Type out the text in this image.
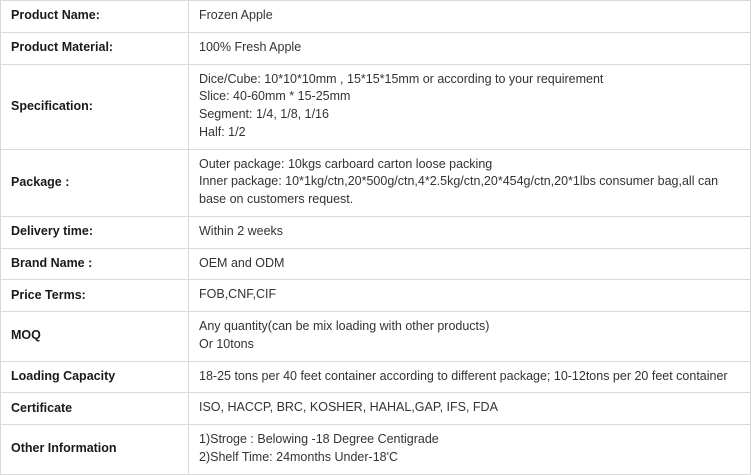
Product Name:	Frozen Apple

Product Material:	100% Fresh Apple

Specification:	Dice/Cube: 10*10*10mm , 15*15*15mm or according to your requirement
Slice: 40-60mm * 15-25mm
Segment: 1/4, 1/8, 1/16
Half: 1/2

Package :	Outer package: 10kgs carboard carton loose packing
Inner package: 10*1kg/ctn,20*500g/ctn,4*2.5kg/ctn,20*454g/ctn,20*1lbs consumer bag,all can base on customers request.

Delivery time:	Within 2 weeks

Brand Name :	OEM and ODM

Price Terms:	FOB,CNF,CIF

MOQ	Any quantity(can be mix loading with other products)
Or 10tons

Loading Capacity	18-25 tons per 40 feet container according to different package; 10-12tons per 20 feet container

Certificate	ISO, HACCP, BRC, KOSHER, HAHAL,GAP, IFS, FDA

Other Information	1)Stroge : Belowing -18 Degree Centigrade
2)Shelf Time: 24months Under-18'C
